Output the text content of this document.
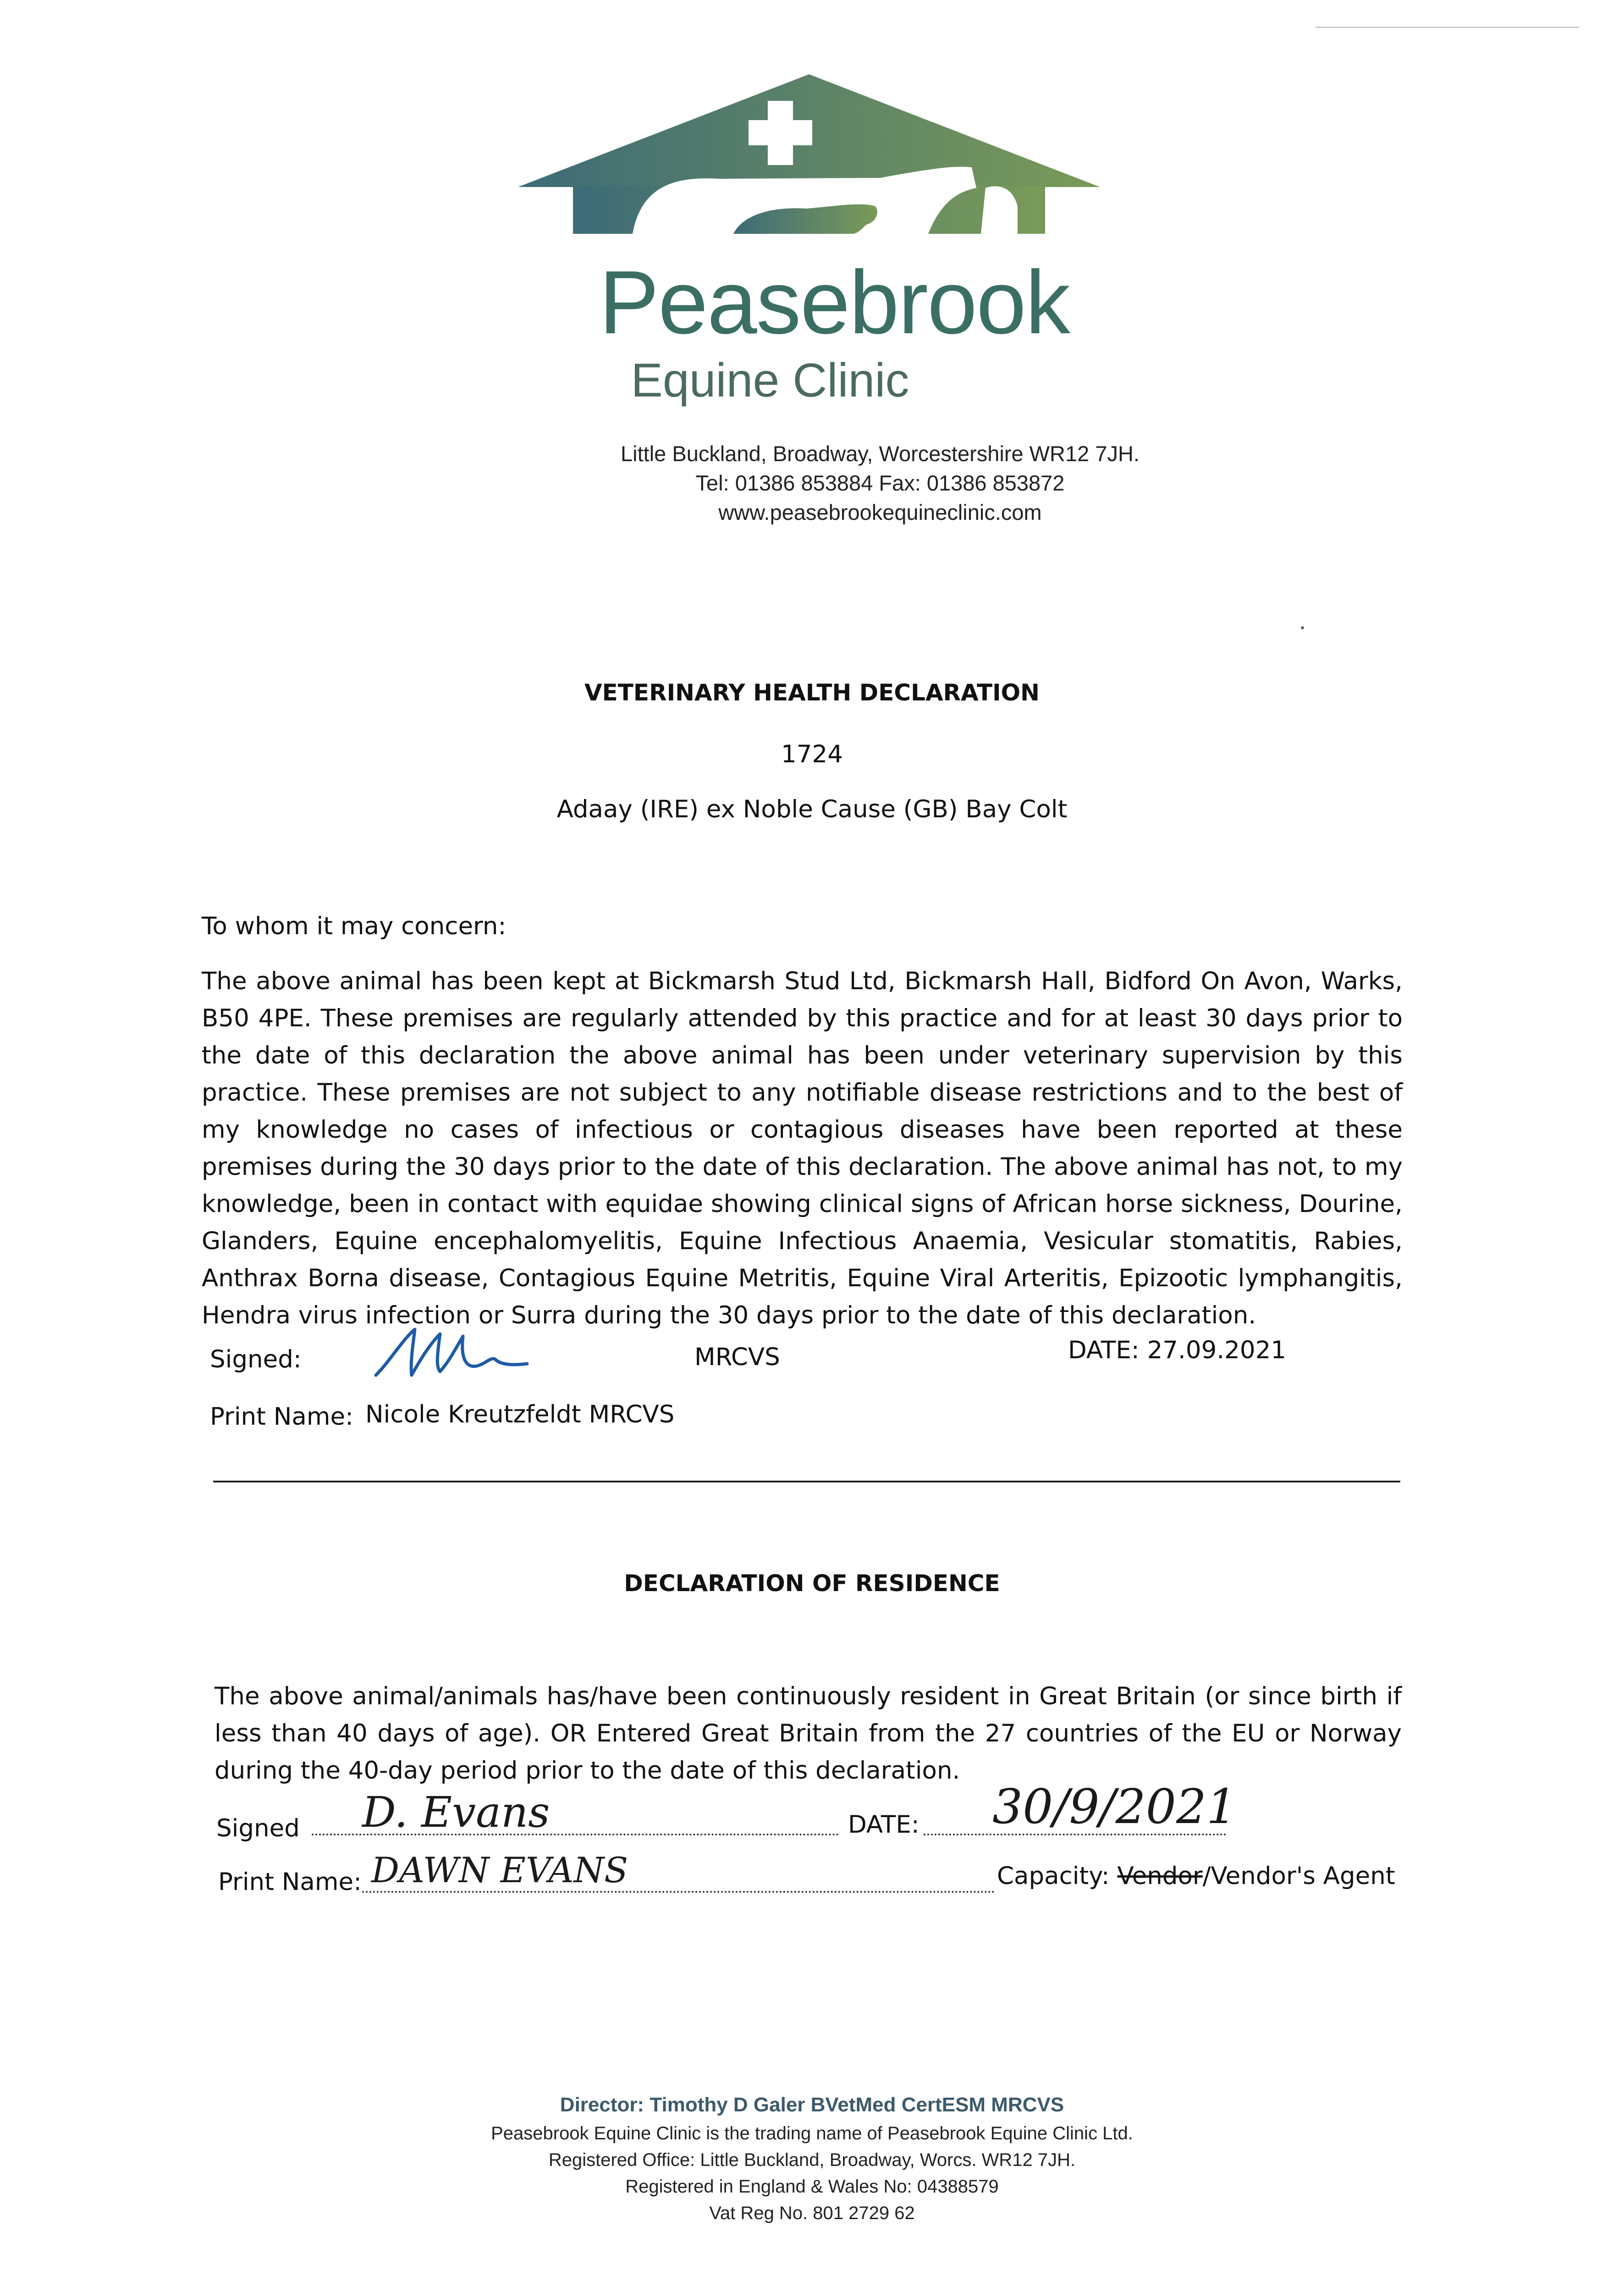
Peasebrook
Equine Clinic
Little Buckland, Broadway, Worcestershire WR12 7JH.
Tel: 01386 853884 Fax: 01386 853872
www.peasebrookequineclinic.com
VETERINARY HEALTH DECLARATION
1724
Adaay (IRE) ex Noble Cause (GB) Bay Colt
To whom it may concern:
The above animal has been kept at Bickmarsh Stud Ltd, Bickmarsh Hall, Bidford On Avon, Warks, B50 4PE. These premises are regularly attended by this practice and for at least 30 days prior to the date of this declaration the above animal has been under veterinary supervision by this practice. These premises are not subject to any notifiable disease restrictions and to the best of my knowledge no cases of infectious or contagious diseases have been reported at these premises during the 30 days prior to the date of this declaration. The above animal has not, to my knowledge, been in contact with equidae showing clinical signs of African horse sickness, Dourine, Glanders, Equine encephalomyelitis, Equine Infectious Anaemia, Vesicular stomatitis, Rabies, Anthrax Borna disease, Contagious Equine Metritis, Equine Viral Arteritis, Epizootic lymphangitis, Hendra virus infection or Surra during the 30 days prior to the date of this declaration.
Signed:	MRCVS	DATE: 27.09.2021
Print Name: Nicole Kreutzfeldt MRCVS
DECLARATION OF RESIDENCE
The above animal/animals has/have been continuously resident in Great Britain (or since birth if less than 40 days of age). OR Entered Great Britain from the 27 countries of the EU or Norway during the 40-day period prior to the date of this declaration.
Signed D. Evans	DATE: 30/9/2021
Print Name: DAWN EVANS	Capacity: Vendor/Vendor's Agent
Director: Timothy D Galer BVetMed CertESM MRCVS
Peasebrook Equine Clinic is the trading name of Peasebrook Equine Clinic Ltd.
Registered Office: Little Buckland, Broadway, Worcs. WR12 7JH.
Registered in England & Wales No: 04388579
Vat Reg No. 801 2729 62
